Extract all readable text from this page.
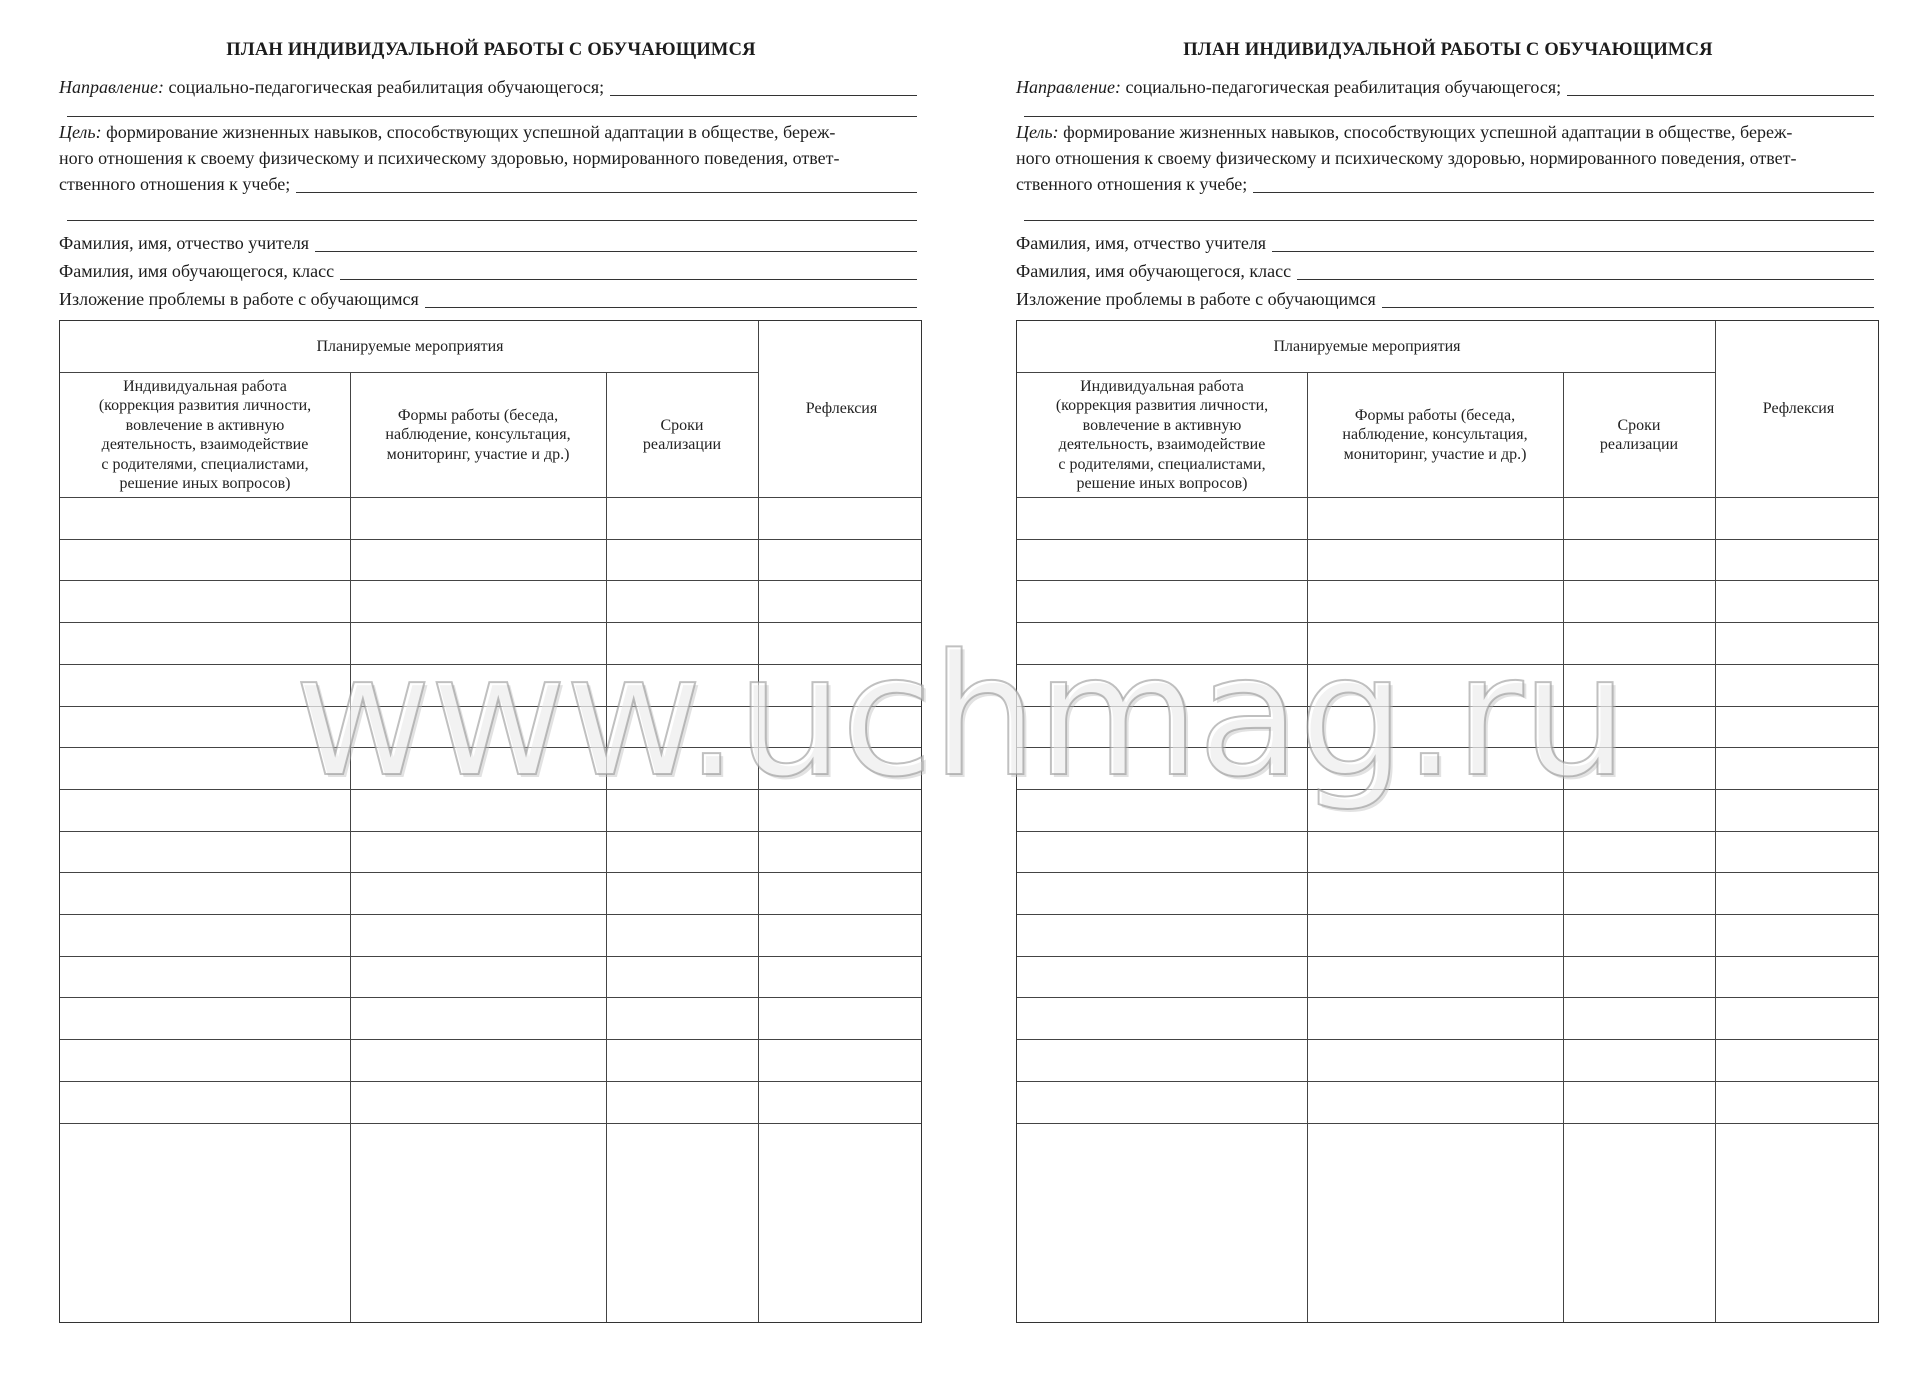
ПЛАН ИНДИВИДУАЛЬНОЙ РАБОТЫ С ОБУЧАЮЩИМСЯ
Направление: социально-педагогическая реабилитация обучающегося;
Цель: формирование жизненных навыков, способствующих успешной адаптации в обществе, береж-
ного отношения к своему физическому и психическому здоровью, нормированного поведения, ответ-
ственного отношения к учебе;
Фамилия, имя, отчество учителя
Фамилия, имя обучающегося, класс
Изложение проблемы в работе с обучающимся
Планируемые мероприятия
Индивидуальная работа
(коррекция развития личности,
вовлечение в активную
деятельность, взаимодействие
с родителями, специалистами,
решение иных вопросов)
Формы работы (беседа,
наблюдение, консультация,
мониторинг, участие и др.)
Сроки
реализации
Рефлексия
ПЛАН ИНДИВИДУАЛЬНОЙ РАБОТЫ С ОБУЧАЮЩИМСЯ
Направление: социально-педагогическая реабилитация обучающегося;
Цель: формирование жизненных навыков, способствующих успешной адаптации в обществе, береж-
ного отношения к своему физическому и психическому здоровью, нормированного поведения, ответ-
ственного отношения к учебе;
Фамилия, имя, отчество учителя
Фамилия, имя обучающегося, класс
Изложение проблемы в работе с обучающимся
Планируемые мероприятия
Индивидуальная работа
(коррекция развития личности,
вовлечение в активную
деятельность, взаимодействие
с родителями, специалистами,
решение иных вопросов)
Формы работы (беседа,
наблюдение, консультация,
мониторинг, участие и др.)
Сроки
реализации
Рефлексия
www.uchmag.ru
